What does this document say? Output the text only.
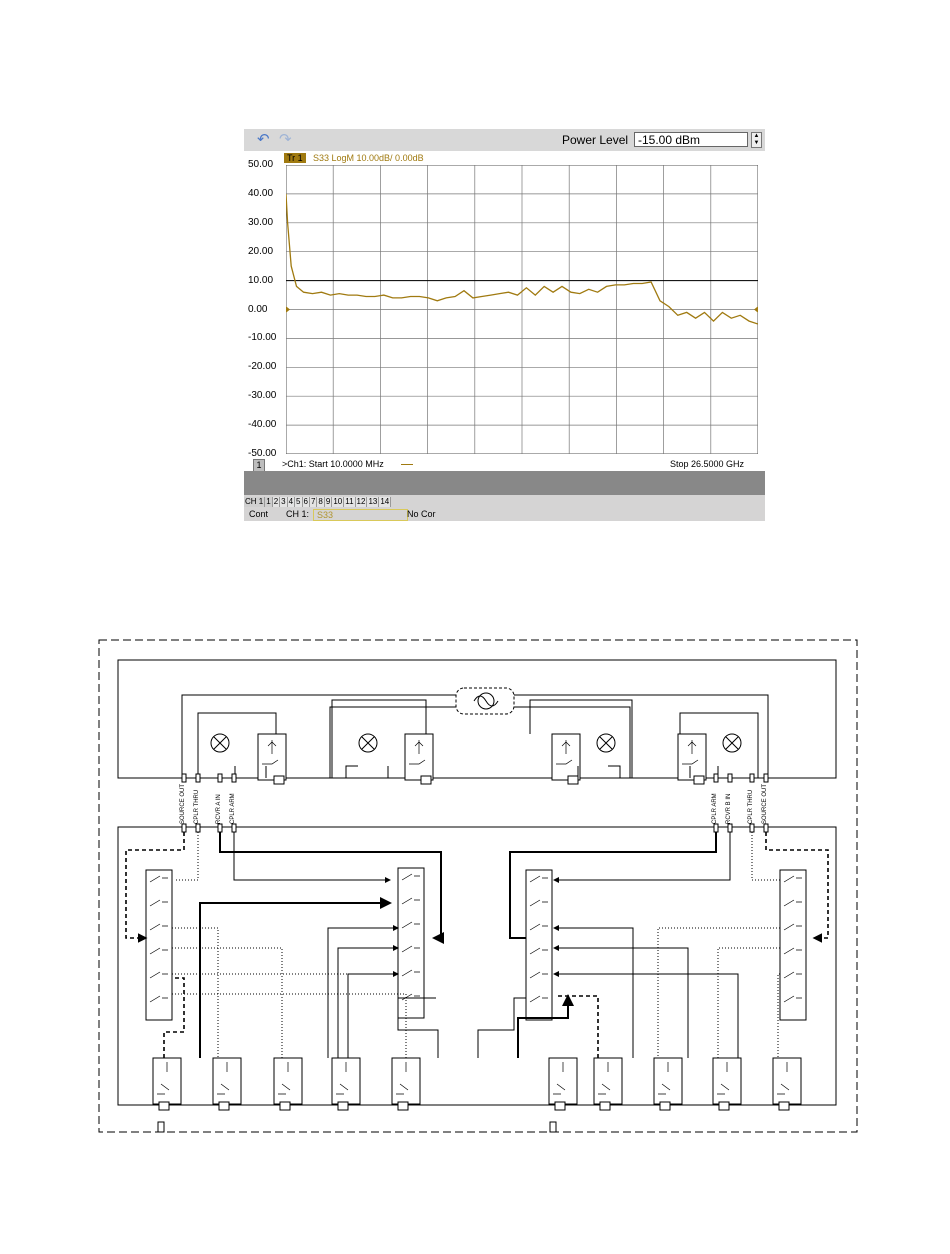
↶ ↷	Power Level -15.00 dBm	▲
▼
Tr 1	S33 LogM 10.00dB/ 0.00dB
50.00
40.00
30.00
20.00
10.00
0.00
-10.00
-20.00
-30.00
-40.00
-50.00
1	>Ch1: Start 10.0000 MHz	Stop 26.5000 GHz
CH 1 1 2 3 4 5 6 7 8 9 10 11 12 13 14
Cont CH 1: S33	No Cor
SOURCE OUT CPLR THRU	RCVR A IN CPLR ARM	CPLR ARM RCVR B IN	CPLR THRU SOURCE OUT
